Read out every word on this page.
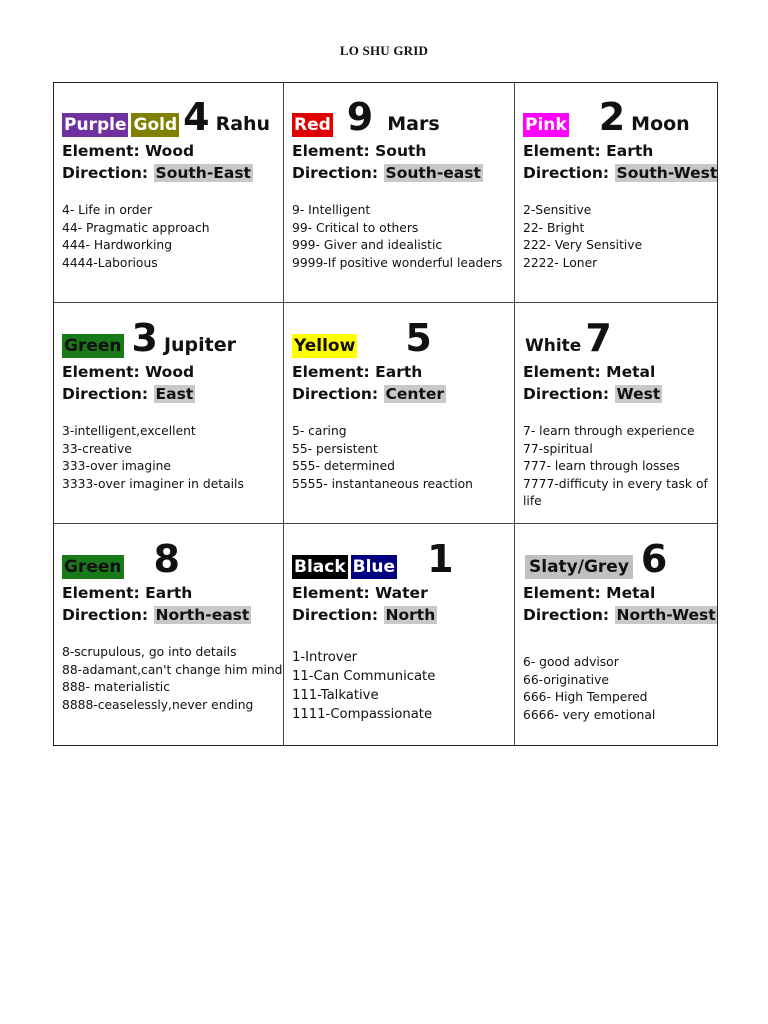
LO SHU GRID
Purple Gold 4 Rahu
Element: Wood
Direction: South-East
4- Life in order
44- Pragmatic approach
444- Hardworking
4444-Laborious
Red 9 Mars
Element: South
Direction: South-east
9- Intelligent
99- Critical to others
999- Giver and idealistic
9999-If positive wonderful leaders
Pink 2 Moon
Element: Earth
Direction: South-West
2-Sensitive
22- Bright
222- Very Sensitive
2222- Loner
Green 3 Jupiter
Element: Wood
Direction: East
3-intelligent,excellent
33-creative
333-over imagine
3333-over imaginer in details
Yellow 5
Element: Earth
Direction: Center
5- caring
55- persistent
555- determined
5555- instantaneous reaction
White 7
Element: Metal
Direction: West
7- learn through experience
77-spiritual
777- learn through losses
7777-difficuty in every task of life
Green 8
Element: Earth
Direction: North-east
8-scrupulous, go into details
88-adamant,can't change him mind
888- materialistic
8888-ceaselessly,never ending
Black Blue 1
Element: Water
Direction: North
1-Introver
11-Can Communicate
111-Talkative
1111-Compassionate
Slaty/Grey 6
Element: Metal
Direction: North-West
6- good advisor
66-originative
666- High Tempered
6666- very emotional
